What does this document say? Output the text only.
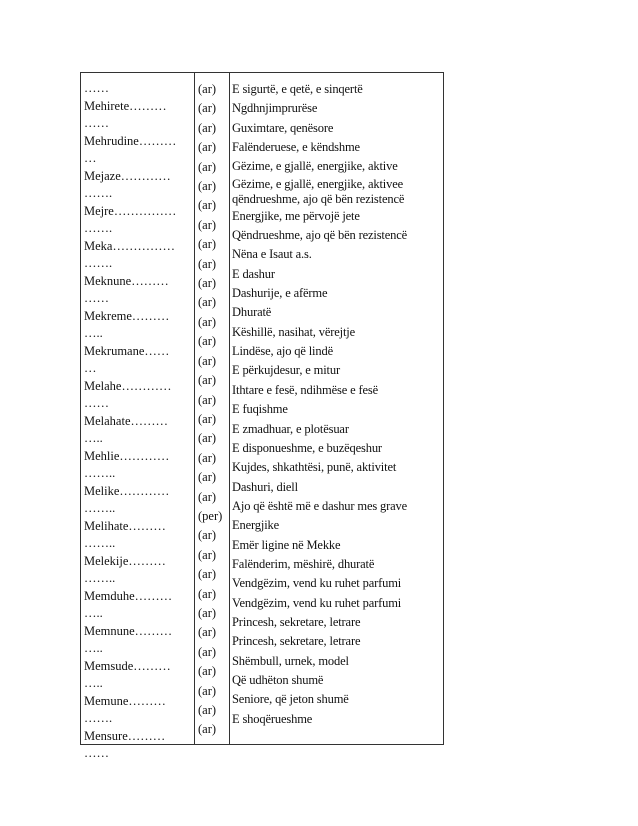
……
Mehirete………
……
Mehrudine………
…
Mejaze…………
…….
Mejre……………
…….
Meka……………
…….
Meknune………
……
Mekreme………
…..
Mekrumane……
…
Melahe…………
……
Melahate………
…..
Mehlie…………
……..
Melike…………
……..
Melihate………
……..
Melekije………
……..
Memduhe………
…..
Memnune………
…..
Memsude………
…..
Memune………
…….
Mensure………
……
(ar)
(ar)
(ar)
(ar)
(ar)
(ar)
(ar)
(ar)
(ar)
(ar)
(ar)
(ar)
(ar)
(ar)
(ar)
(ar)
(ar)
(ar)
(ar)
(ar)
(ar)
(ar)
(per)
(ar)
(ar)
(ar)
(ar)
(ar)
(ar)
(ar)
(ar)
(ar)
(ar)
(ar)
E sigurtë, e qetë, e sinqertë
Ngdhnjimprurëse
Guximtare, qenësore
Falënderuese, e këndshme
Gëzime, e gjallë, energjike, aktive
Gëzime, e gjallë, energjike, aktivee
qëndrueshme, ajo që bën rezistencë
Energjike, me përvojë jete
Qëndrueshme, ajo që bën rezistencë
Nëna e Isaut a.s.
E dashur
Dashurije, e afërme
Dhuratë
Këshillë, nasihat, vërejtje
Lindëse, ajo që lindë
E përkujdesur, e mitur
Ithtare e fesë, ndihmëse e fesë
E fuqishme
E zmadhuar, e plotësuar
E disponueshme, e buzëqeshur
Kujdes, shkathtësi, punë, aktivitet
Dashuri, diell
Ajo që është më e dashur mes grave
Energjike
Emër ligine në Mekke
Falënderim, mëshirë, dhuratë
Vendgëzim, vend ku ruhet parfumi
Vendgëzim, vend ku ruhet parfumi
Princesh, sekretare, letrare
Princesh, sekretare, letrare
Shëmbull, urnek, model
Që udhëton shumë
Seniore, që jeton shumë
E shoqërueshme
